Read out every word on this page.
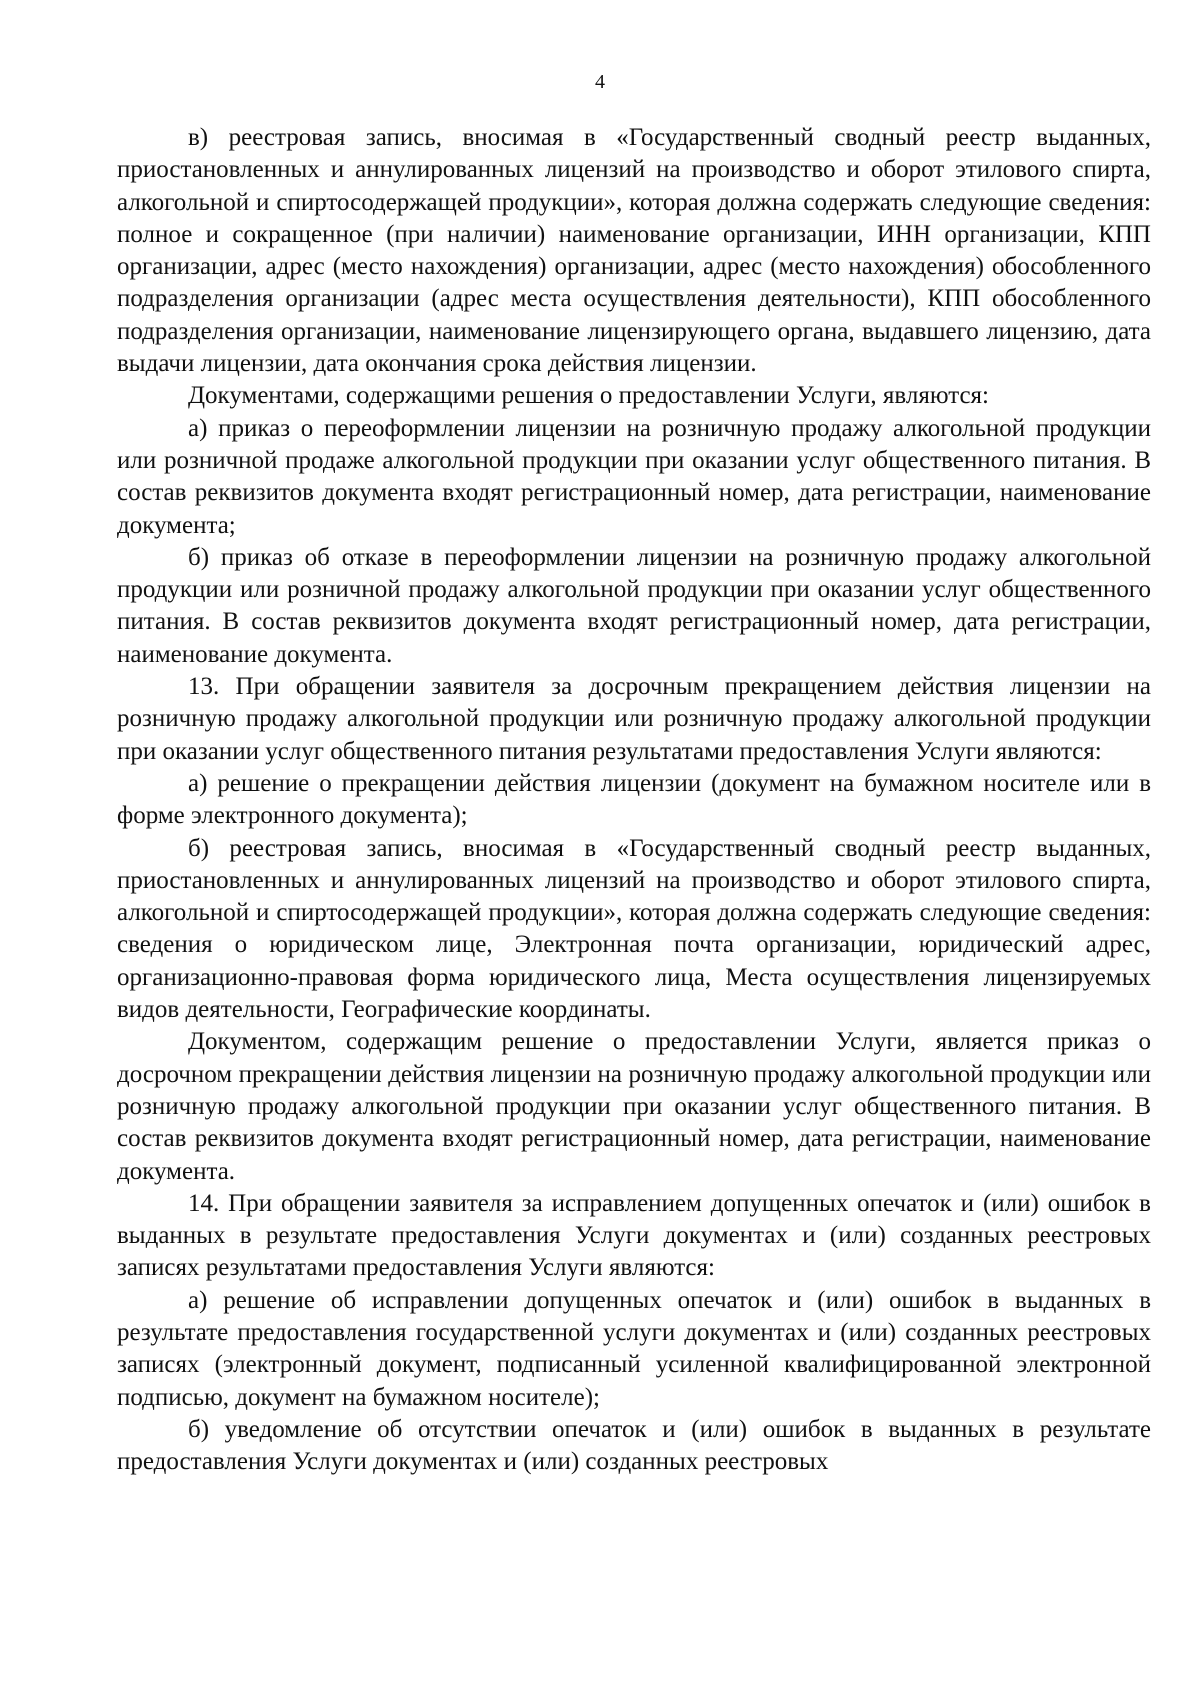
4

в) реестровая запись, вносимая в «Государственный сводный реестр выданных, приостановленных и аннулированных лицензий на производство и оборот этилового спирта, алкогольной и спиртосодержащей продукции», которая должна содержать следующие сведения: полное и сокращенное (при наличии) наименование организации, ИНН организации, КПП организации, адрес (место нахождения) организации, адрес (место нахождения) обособленного подразделения организации (адрес места осуществления деятельности), КПП обособленного подразделения организации, наименование лицензирующего органа, выдавшего лицензию, дата выдачи лицензии, дата окончания срока действия лицензии.

Документами, содержащими решения о предоставлении Услуги, являются:

а) приказ о переоформлении лицензии на розничную продажу алкогольной продукции или розничной продаже алкогольной продукции при оказании услуг общественного питания. В состав реквизитов документа входят регистрационный номер, дата регистрации, наименование документа;

б) приказ об отказе в переоформлении лицензии на розничную продажу алкогольной продукции или розничной продажу алкогольной продукции при оказании услуг общественного питания. В состав реквизитов документа входят регистрационный номер, дата регистрации, наименование документа.

13. При обращении заявителя за досрочным прекращением действия лицензии на розничную продажу алкогольной продукции или розничную продажу алкогольной продукции при оказании услуг общественного питания результатами предоставления Услуги являются:

а) решение о прекращении действия лицензии (документ на бумажном носителе или в форме электронного документа);

б) реестровая запись, вносимая в «Государственный сводный реестр выданных, приостановленных и аннулированных лицензий на производство и оборот этилового спирта, алкогольной и спиртосодержащей продукции», которая должна содержать следующие сведения: сведения о юридическом лице, Электронная почта организации, юридический адрес, организационно-правовая форма юридического лица, Места осуществления лицензируемых видов деятельности, Географические координаты.

Документом, содержащим решение о предоставлении Услуги, является приказ о досрочном прекращении действия лицензии на розничную продажу алкогольной продукции или розничную продажу алкогольной продукции при оказании услуг общественного питания. В состав реквизитов документа входят регистрационный номер, дата регистрации, наименование документа.

14. При обращении заявителя за исправлением допущенных опечаток и (или) ошибок в выданных в результате предоставления Услуги документах и (или) созданных реестровых записях результатами предоставления Услуги являются:

а) решение об исправлении допущенных опечаток и (или) ошибок в выданных в результате предоставления государственной услуги документах и (или) созданных реестровых записях (электронный документ, подписанный усиленной квалифицированной электронной подписью, документ на бумажном носителе);

б) уведомление об отсутствии опечаток и (или) ошибок в выданных в результате предоставления Услуги документах и (или) созданных реестровых
